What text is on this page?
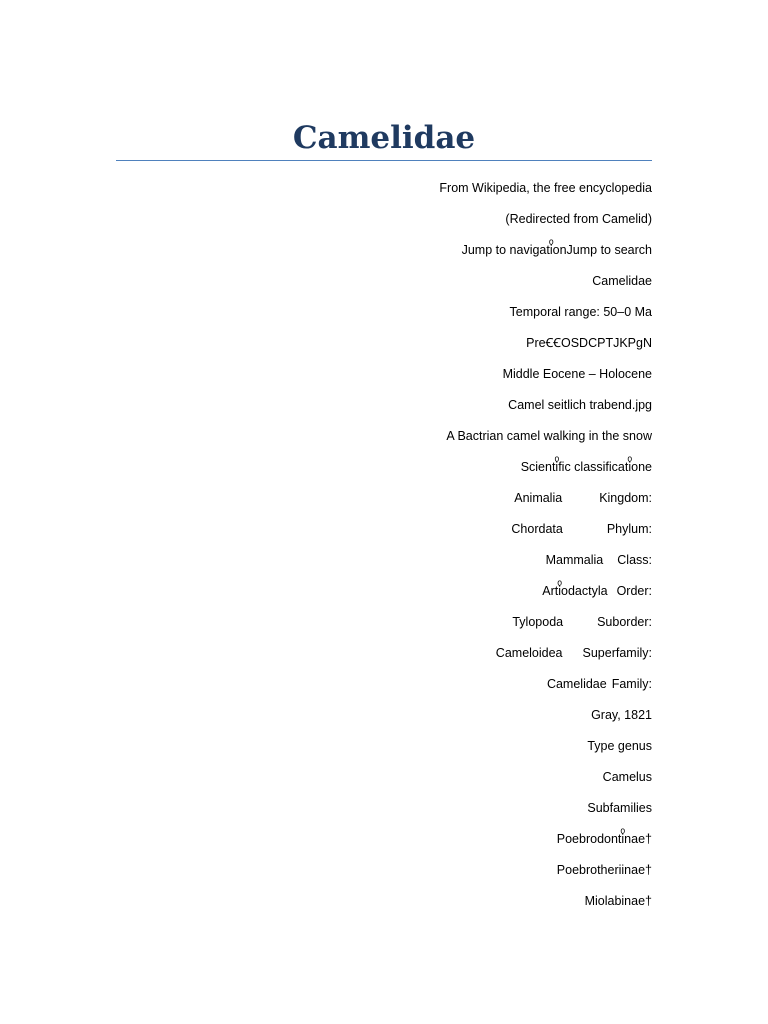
Camelidae
From Wikipedia, the free encyclopedia
(Redirected from Camelid)
Jump to navigatiͦonJump to search
Camelidae
Temporal range: 50–0 Ma
PreꞒꞒOSDCPTJKPgN
Middle Eocene – Holocene
Camel seitlich trabend.jpg
A Bactrian camel walking in the snow
Scientiͦfic classificatiͦone
Animalia	Kingdom:
Chordata	Phylum:
Mammalia Class:
Artiͦodactyla Order:
Tylopoda	Suborder:
Cameloidea Superfamily:
Camelidae Family:
Gray, 1821
Type genus
Camelus
Subfamilies
Poebrodontiͦnae†
Poebrotheriinae†
Miolabinae†
